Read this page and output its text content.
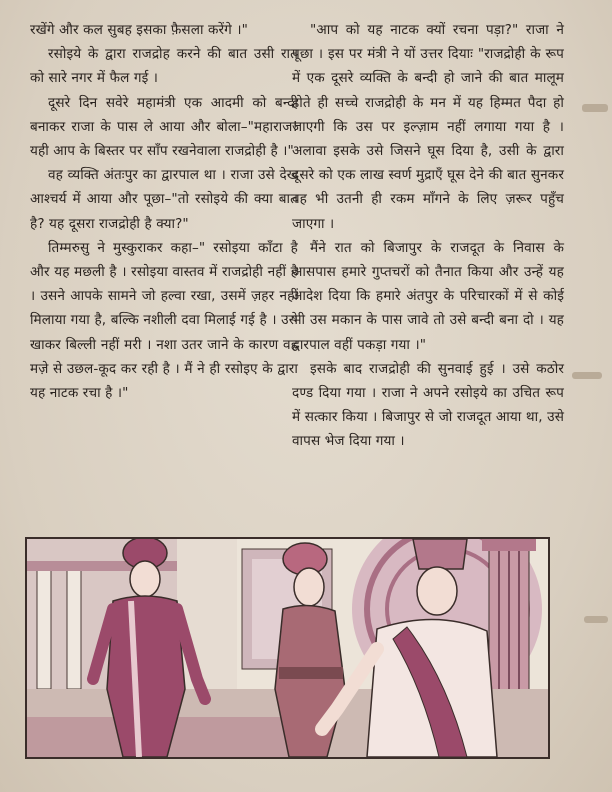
रखेंगे और कल सुबह इसका फ़ैसला करेंगे ।"

रसोइये के द्वारा राजद्रोह करने की बात उसी रात को सारे नगर में फैल गई ।

दूसरे दिन सवेरे महामंत्री एक आदमी को बन्दी बनाकर राजा के पास ले आया और बोला–"महाराज! यही आप के बिस्तर पर साँप रखनेवाला राजद्रोही है ।"

वह व्यक्ति अंतःपुर का द्वारपाल था । राजा उसे देख आश्चर्य में आया और पूछा–"तो रसोइये की क्या बात है? यह दूसरा राजद्रोही है क्या?"

तिम्मरुसु ने मुस्कुराकर कहा–" रसोइया काँटा है और यह मछली है । रसोइया वास्तव में राजद्रोही नहीं है । उसने आपके सामने जो हल्वा रखा, उसमें ज़हर नहीं मिलाया गया है, बल्कि नशीली दवा मिलाई गई है । उसे खाकर बिल्ली नहीं मरी । नशा उतर जाने के कारण वह मज़े से उछल-कूद कर रही है । मैं ने ही रसोइए के द्वारा यह नाटक रचा है ।"

"आप को यह नाटक क्यों रचना पड़ा?" राजा ने पूछा । इस पर मंत्री ने यों उत्तर दियाः "राजद्रोही के रूप में एक दूसरे व्यक्ति के बन्दी हो जाने की बात मालूम होते ही सच्चे राजद्रोही के मन में यह हिम्मत पैदा हो जाएगी कि उस पर इल्ज़ाम नहीं लगाया गया है । अलावा इसके उसे जिसने घूस दिया है, उसी के द्वारा दूसरे को एक लाख स्वर्ण मुद्राएँ घूस देने की बात सुनकर वह भी उतनी ही रकम माँगने के लिए ज़रूर पहुँच जाएगा ।

मैंने रात को बिजापुर के राजदूत के निवास के आसपास हमारे गुप्तचरों को तैनात किया और उन्हें यह आदेश दिया कि हमारे अंतपुर के परिचारकों में से कोई भी उस मकान के पास जावे तो उसे बन्दी बना दो । यह द्वारपाल वहीं पकड़ा गया ।"

इसके बाद राजद्रोही की सुनवाई हुई । उसे कठोर दण्ड दिया गया । राजा ने अपने रसोइये का उचित रूप में सत्कार किया । बिजापुर से जो राजदूत आया था, उसे वापस भेज दिया गया ।
